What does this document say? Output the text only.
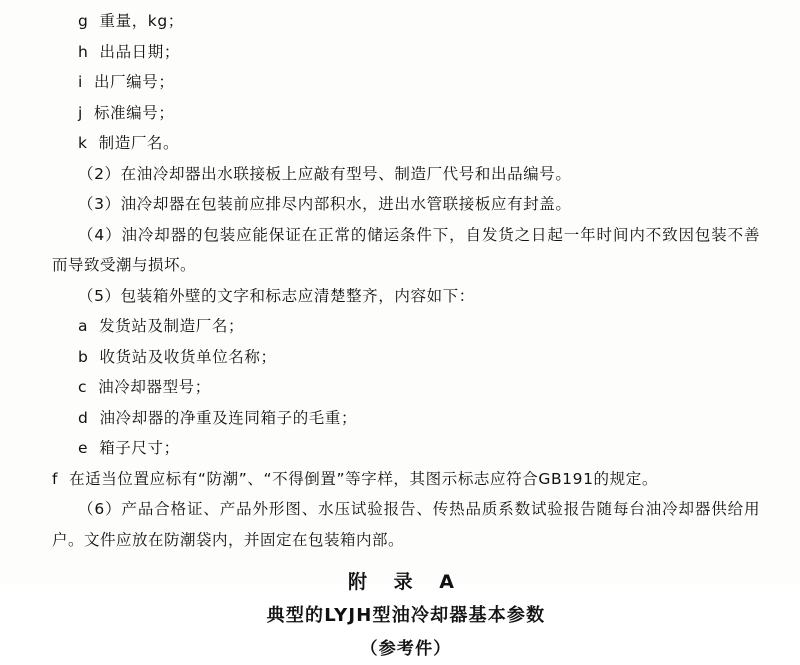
g  重量，kg；
h  出品日期；
i  出厂编号；
j  标准编号；
k  制造厂名。
（2）在油冷却器出水联接板上应敲有型号、制造厂代号和出品编号。
（3）油冷却器在包装前应排尽内部积水，进出水管联接板应有封盖。
（4）油冷却器的包装应能保证在正常的储运条件下，自发货之日起一年时间内不致因包装不善而导致受潮与损坏。
（5）包装箱外壁的文字和标志应清楚整齐，内容如下：
a  发货站及制造厂名；
b  收货站及收货单位名称；
c  油冷却器型号；
d  油冷却器的净重及连同箱子的毛重；
e  箱子尺寸；
f  在适当位置应标有“防潮”、“不得倒置”等字样，其图示标志应符合GB191的规定。
（6）产品合格证、产品外形图、水压试验报告、传热品质系数试验报告随每台油冷却器供给用户。文件应放在防潮袋内，并固定在包装箱内部。
附 录 A
典型的LYJH型油冷却器基本参数
（参考件）
